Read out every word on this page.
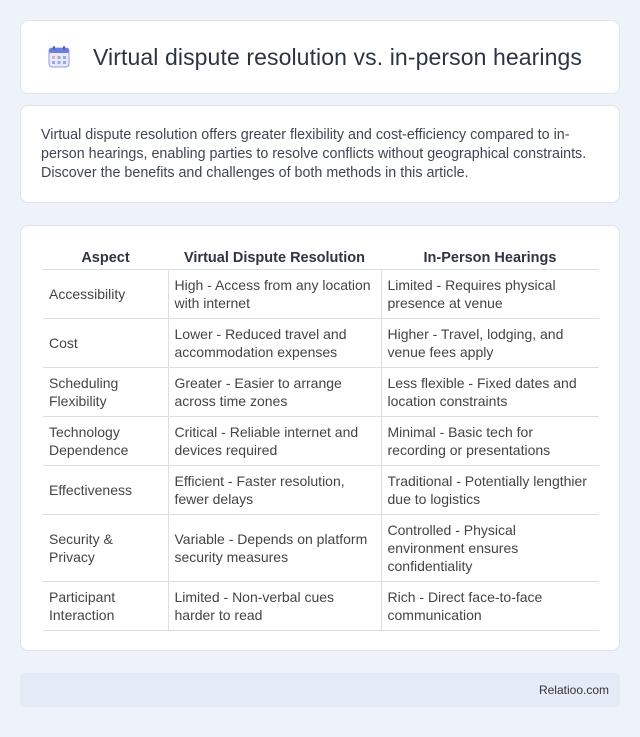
Virtual dispute resolution vs. in-person hearings

Virtual dispute resolution offers greater flexibility and cost-efficiency compared to in-person hearings, enabling parties to resolve conflicts without geographical constraints. Discover the benefits and challenges of both methods in this article.

Aspect	Virtual Dispute Resolution	In-Person Hearings
Accessibility	High - Access from any location with internet	Limited - Requires physical presence at venue
Cost	Lower - Reduced travel and accommodation expenses	Higher - Travel, lodging, and venue fees apply
Scheduling Flexibility	Greater - Easier to arrange across time zones	Less flexible - Fixed dates and location constraints
Technology Dependence	Critical - Reliable internet and devices required	Minimal - Basic tech for recording or presentations
Effectiveness	Efficient - Faster resolution, fewer delays	Traditional - Potentially lengthier due to logistics
Security & Privacy	Variable - Depends on platform security measures	Controlled - Physical environment ensures confidentiality
Participant Interaction	Limited - Non-verbal cues harder to read	Rich - Direct face-to-face communication
Relatioo.com
